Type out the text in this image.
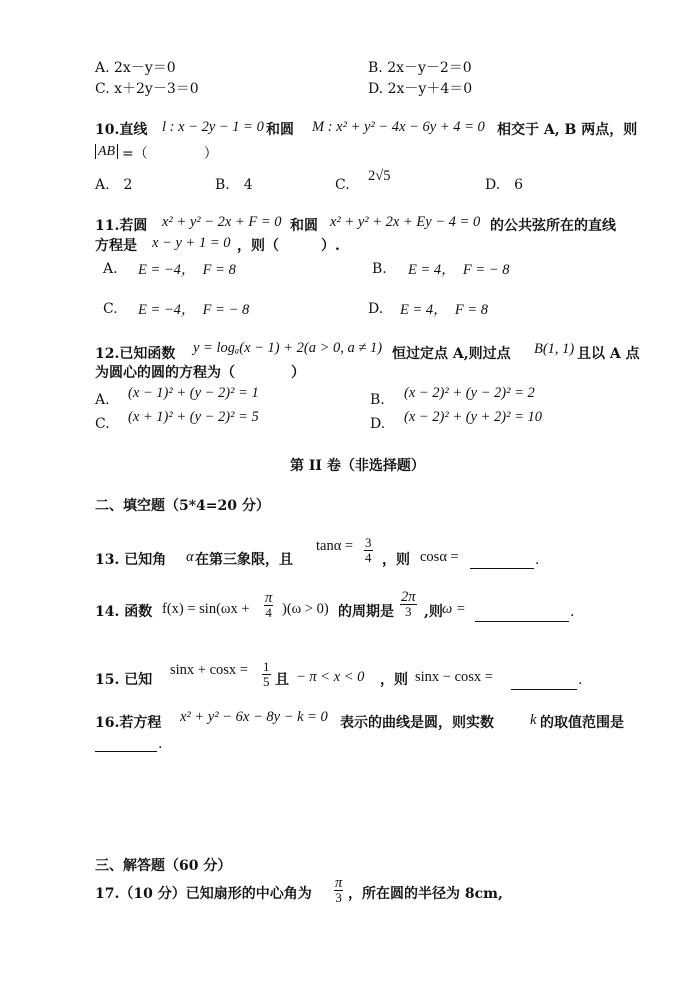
A. 2x－y＝0	B. 2x－y－2＝0
C. x＋2y－3＝0	D. 2x－y＋4＝0
10.直线 l : x − 2y − 1 = 0 和圆 M : x² + y² − 4x − 6y + 4 = 0 相交于 A, B 两点，则
AB =（　　　　）
A.　2	B.　4	C.
2√5
D.　6
11.若圆 x² + y² − 2x + F = 0 和圆 x² + y² + 2x + Ey − 4 = 0 的公共弦所在的直线
方程是 x − y + 1 = 0 ，则（　　　）.
A. E = −4，　F = 8	B. E = 4，　F = − 8
C. E = −4，　F = − 8	D. E = 4，　F = 8
12.已知函数 y = logₐ(x − 1) + 2(a > 0, a ≠ 1) 恒过定点 A,则过点 B(1, 1) 且以 A 点
为圆心的圆的方程为（　　　　）
A. (x − 1)² + (y − 2)² = 1	B. (x − 2)² + (y − 2)² = 2
C. (x + 1)² + (y − 2)² = 5	D. (x − 2)² + (y + 2)² = 10
第 II 卷（非选择题）
二、填空题（5*4=20 分）
13. 已知角 α 在第三象限，且
$\tan\alpha = \frac{3}{4}$ ，则 cosα =	.
14. 函数 $f(x) = \sin(\omega x + \frac{\pi}{4} )(\omega > 0)$ 的周期是 $\frac{2\pi}{3}$ ,则 ω =	.
15. 已知
$\sin x + \cos x = \frac{1}{5}$ 且 − π < x < 0 ，则 sinx − cosx =	.
16.若方程 x² + y² − 6x − 8y − k = 0 表示的曲线是圆，则实数 k 的取值范围是
.
三、解答题（60 分）
17.（10 分）已知扇形的中心角为 $\frac{\pi}{3}$ ，所在圆的半径为 8cm,
